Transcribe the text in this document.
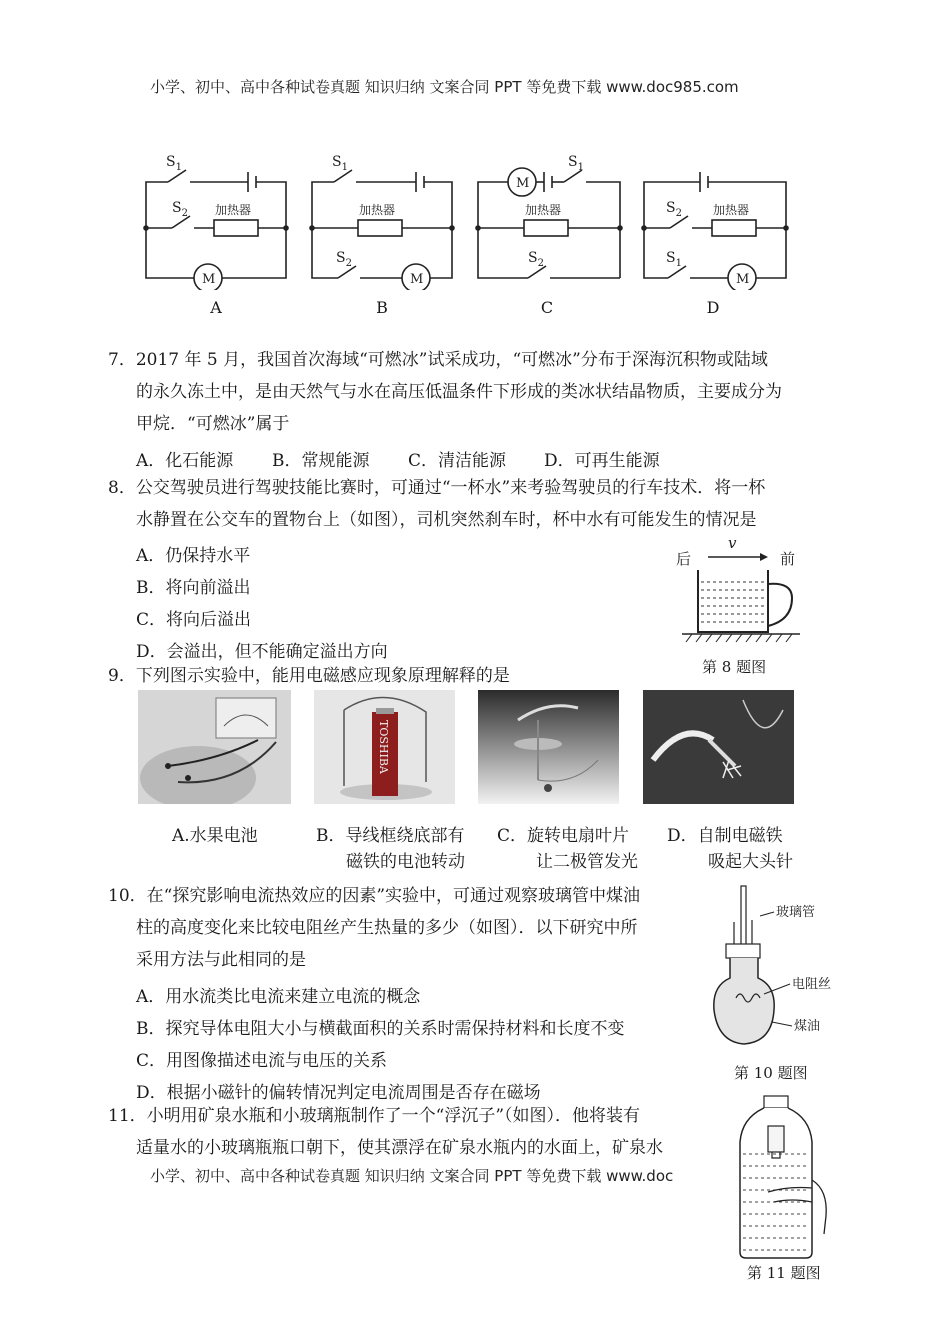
小学、初中、高中各种试卷真题 知识归纳 文案合同 PPT 等免费下载 www.doc985.com
$S_1$
$S_2$ 加热器
M
$S_1$
加热器
$S_2$
M
M
$S_1$
加热器
$S_2$
$S_2$	加热器
$S_1$
M
A	B	C	D
7．2017 年 5 月，我国首次海域“可燃冰”试采成功，“可燃冰”分布于深海沉积物或陆域
的永久冻土中，是由天然气与水在高压低温条件下形成的类冰状结晶物质，主要成分为
甲烷．“可燃冰”属于
A．化石能源 B．常规能源 C．清洁能源 D．可再生能源
8．公交驾驶员进行驾驶技能比赛时，可通过“一杯水”来考验驾驶员的行车技术．将一杯
水静置在公交车的置物台上（如图），司机突然刹车时，杯中水有可能发生的情况是
A．仍保持水平
B．将向前溢出
C．将向后溢出
D．会溢出，但不能确定溢出方向
后	前
v
第 8 题图
9．下列图示实验中，能用电磁感应现象原理解释的是
TOSHIBA
A.水果电池	B．导线框绕底部有
磁铁的电池转动
C．旋转电扇叶片
让二极管发光
D．自制电磁铁
吸起大头针
10．在“探究影响电流热效应的因素”实验中，可通过观察玻璃管中煤油
柱的高度变化来比较电阻丝产生热量的多少（如图）．以下研究中所
采用方法与此相同的是
A．用水流类比电流来建立电流的概念
B．探究导体电阻大小与横截面积的关系时需保持材料和长度不变
C．用图像描述电流与电压的关系
D．根据小磁针的偏转情况判定电流周围是否存在磁场
玻璃管
电阻丝
煤油
第 10 题图
11．小明用矿泉水瓶和小玻璃瓶制作了一个“浮沉子”（如图）．他将装有
适量水的小玻璃瓶瓶口朝下，使其漂浮在矿泉水瓶内的水面上，矿泉水
第 11 题图
小学、初中、高中各种试卷真题 知识归纳 文案合同 PPT 等免费下载 www.doc
